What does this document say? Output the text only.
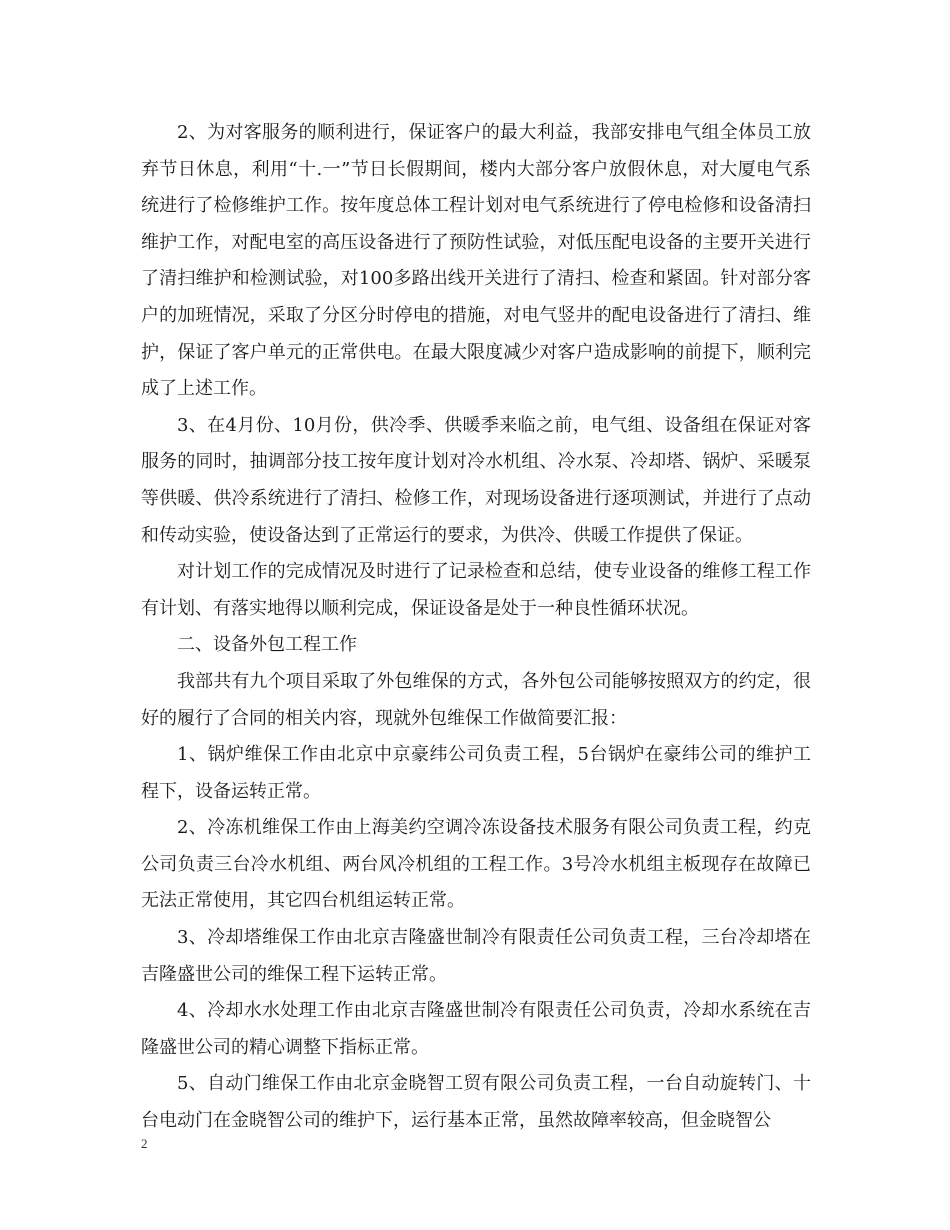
2、为对客服务的顺利进行，保证客户的最大利益，我部安排电气组全体员工放弃节日休息，利用“十.一”节日长假期间，楼内大部分客户放假休息，对大厦电气系统进行了检修维护工作。按年度总体工程计划对电气系统进行了停电检修和设备清扫维护工作，对配电室的高压设备进行了预防性试验，对低压配电设备的主要开关进行了清扫维护和检测试验，对100多路出线开关进行了清扫、检查和紧固。针对部分客户的加班情况，采取了分区分时停电的措施，对电气竖井的配电设备进行了清扫、维护，保证了客户单元的正常供电。在最大限度减少对客户造成影响的前提下，顺利完成了上述工作。

3、在4月份、10月份，供冷季、供暖季来临之前，电气组、设备组在保证对客服务的同时，抽调部分技工按年度计划对冷水机组、冷水泵、冷却塔、锅炉、采暖泵等供暖、供冷系统进行了清扫、检修工作，对现场设备进行逐项测试，并进行了点动和传动实验，使设备达到了正常运行的要求，为供冷、供暖工作提供了保证。

对计划工作的完成情况及时进行了记录检查和总结，使专业设备的维修工程工作有计划、有落实地得以顺利完成，保证设备是处于一种良性循环状况。

二、设备外包工程工作

我部共有九个项目采取了外包维保的方式，各外包公司能够按照双方的约定，很好的履行了合同的相关内容，现就外包维保工作做简要汇报：

1、锅炉维保工作由北京中京豪纬公司负责工程，5台锅炉在豪纬公司的维护工程下，设备运转正常。

2、冷冻机维保工作由上海美约空调冷冻设备技术服务有限公司负责工程，约克公司负责三台冷水机组、两台风冷机组的工程工作。3号冷水机组主板现存在故障已无法正常使用，其它四台机组运转正常。

3、冷却塔维保工作由北京吉隆盛世制冷有限责任公司负责工程，三台冷却塔在吉隆盛世公司的维保工程下运转正常。

4、冷却水水处理工作由北京吉隆盛世制冷有限责任公司负责，冷却水系统在吉隆盛世公司的精心调整下指标正常。

5、自动门维保工作由北京金晓智工贸有限公司负责工程，一台自动旋转门、十台电动门在金晓智公司的维护下，运行基本正常，虽然故障率较高，但金晓智公

2
